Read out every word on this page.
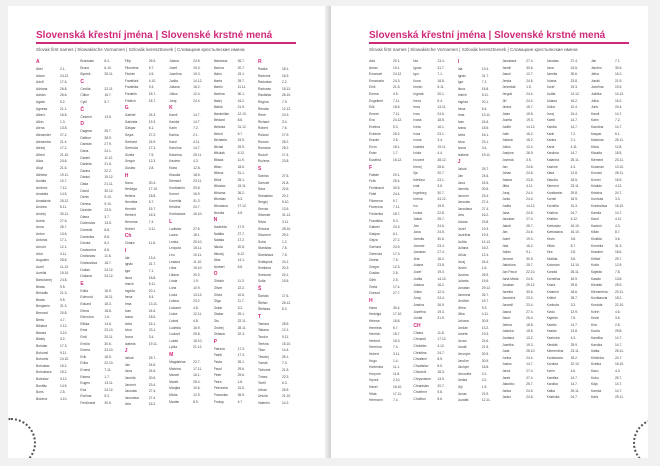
Slovenská křestní jména | Slovenské krstné mená
Slovak first names | Slowakische Vornamen | Szlovák keresztnevek | Словацкие крестьянские имена
A
Abel	2.1.
Adam	24.12.
Adolf	17.6.
Adriana	26.8.
Adrián	26.8.
Agáta	5.2.
Agnesa	21.1.
Albert	16.8.
Albín	1.3.
Alena	13.8.
Alexander	27.2.
Alexandra	21.4.
Alexej	17.2.
Alfréd	21.10.
Alica	24.6.
Alojz	21.6.
Alžbeta	19.11.
Amália	10.7.
Ambróz	7.12.
Anabela	14.5.
Anastázia	25.12.
Andrea	5.11.
Andrej	30.11.
Aneta	27.6.
Anna	26.7.
Anton	13.6.
Antónia	17.1.
Arnold	12.1.
Artúr	4.11.
Augustín	28.8.
Aurel	11.12.
Aurélia	15.10.
Bartolomej	24.8.
Beáta	9.5.
Beňadik	21.3.
Beata	9.5.
Benjamín	31.3.
Bernard	20.8.
Berta	4.7.
Bibiána	2.12.
Blanka	3.10.
Blažej	3.2.
Bohdan	17.3.
Bohumil	9.11.
Bohumír	24.10.
Bohuslav	15.2.
Bohuslava	15.2.
Boleslav	3.12.
Bonifác	14.5.
Boris	2.5.
Božena	4.10.
Bronislav	8.4.
Bruno	6.10.
Bystrík	25.11.
C
Cecília	22.11.
Ctibor	15.7.
Cyril	5.7.
Č
Čestmír	13.5.
D
Dagmar	25.7.
Dalibor	28.9.
Damián	27.9.
Dana	24.1.
Daniel	11.12.
Daniela	21.6.
Darina	22.2.
Dárius	19.12.
Dáša	21.11.
David	30.12.
Denis	9.10.
Denisa	9.10.
Dezider	23.5.
Diana	3.7.
Dobroslav	13.5.
Dominik	8.8.
Dominika	8.8.
Dorota	6.2.
Drahomíra	6.8.
Drahoslav	11.6.
Drahoslava	18.7.
Dušan	24.12.
Dušana	24.12.
E
Edita	16.9.
Edmund	16.11.
Eduard	18.3.
Elena	18.8.
Eleonóra	1.6.
Eliška	14.6.
Ema	23.10.
Emil	20.11.
Emília	30.6.
Emma	23.10.
Erik	18.5.
Erika	22.10.
Ernest	7.11.
Estera	1.7.
Eugen	13.11.
Eva	24.12.
Evelína	5.3.
Ferdinand	30.5.
Filip	26.5.
Filoména	5.7.
Florián	4.5.
František	4.10.
Františka	9.3.
Frederik	18.7.
Fridrich	18.7.
G
Gabriel	24.3.
Gabriela	19.3.
Gašpar	6.1.
Gejza	27.2.
Gerhard	24.9.
Gertrúda	17.3.
Gizela	7.5.
Gregor	12.3.
Gustáv	2.8.
H
Hana	30.4.
Hedviga	17.10.
Helena	18.8.
Henrieta	5.7.
Henrich	15.7.
Herbert	16.3.
Hermína	7.4.
Hubert	3.11.
Ch
Chiara	11.8.
I
Ida	13.4.
Ignác	31.7.
Igor	7.1.
Ilona	18.8.
Imrich	5.11.
Ingrida	20.1.
Irena	5.4.
Irma	13.11.
Ivan	24.6.
Ivana	18.5.
Iveta	16.1.
Ivica	23.1.
Ivona	3.4.
Izabela	19.11.
J
Jakub	25.7.
Ján	24.6.
Jana	24.5.
Jarmila	30.6.
Jaromír	23.4.
Jaroslav	27.4.
Jaroslava	27.4.
Jela	16.2.
Jolana	23.8.
Jozef	19.3.
Jozefína	19.3.
Judita	14.12.
Juliana	16.2.
Július	12.4.
Juraj	24.4.
K
Kamil	14.7.
Kamila	14.7.
Karin	7.2.
Karina	2.1.
Karol	4.11.
Karolína	14.7.
Katarína	25.11.
Kazimír	4.3.
Klára	12.8.
Klaudia	18.5.
Klement	23.11.
Konštantín	29.8.
Kornel	16.9.
Kornélia	31.3.
Kristína	24.7.
Kvetoslava	16.10.
L
Ladislav	27.6.
Laura	18.1.
Lenka	25.10.
Leopold	15.11.
Leo	10.11.
Lesana	11.10.
Libor	19.10.
Liliana	20.3.
Linda	1.9.
Lívia	10.9.
Lucia	13.12.
Ľubica	23.2.
Ľubomír	4.8.
Ľubor	12.11.
Ľuboš	4.8.
Ľudmila	16.9.
Ľudovít	25.8.
Lukáš	18.10.
Lýdia	21.12.
M
Magdaléna	22.7.
Malvína	17.11.
Marcel	16.1.
Marek	25.4.
Margita	10.6.
Mária	12.9.
Marián	8.9.
Marianna	26.7.
Marína	20.7.
Mário	19.1.
Marta	29.7.
Martin	11.11.
Martina	30.1.
Matej	24.2.
Matúš	21.9.
Maximilián	12.10.
Medard	8.6.
Melánia	31.12.
Metod	5.7.
Michaela	24.9.
Michal	29.9.
Mikuláš	6.12.
Milada	11.9.
Milan	18.6.
Milena	31.1.
Miloš	25.1.
Miloslav	19.11.
Miriama	26.2.
Miroslav	5.3.
Miroslava	17.12.
Monika	4.5.
N
Nadežda	17.9.
Natália	27.7.
Nataša	17.2.
Nikola	20.8.
Nikolaj	6.12.
Nina	14.1.
Norbert	6.6.
O
Oldrich	11.3.
Oliver	22.2.
Olívia	10.6.
Oľga	11.7.
Oskar	3.2.
Otakar	29.1.
Oto	22.11.
Ondrej	28.11.
Oktávia	22.3.
P
Patrícia	17.3.
Patrik	17.3.
Pavla	26.1.
Pavol	29.6.
Peter	29.6.
Petra	1.8.
Petronela	31.5.
Pravoslav	26.9.
Prokop	4.7.
R
Radka	18.1.
Radomír	16.3.
Radoslav	2.2.
Radovan	15.12.
Rastislav	28.10.
Regína	7.9.
Renáta	12.12.
René	10.3.
Richard	3.4.
Róbert	7.6.
Roland	17.9.
Roman	28.2.
Romana	28.2.
Rudolf	17.4.
Ružena	23.8.
S
Sabína	27.5.
Samuel	21.8.
Sára	22.6.
Sebastián	20.1.
Sergej	5.10.
Servác	13.5.
Silvester	31.12.
Silvia	3.11.
Simona	28.10.
Slavomír	29.2.
Soňa	1.2.
Stanislav	7.5.
Stanislava	7.5.
Svätopluk	24.1.
Svetlana	20.3.
Svetozár	24.1.
Sofia	15.5.
Š
Šarlota	17.6.
Štefan	26.12.
Štefánia	8.2.
T
Tamara	28.5.
Tatiana	12.1.
Teodor	9.11.
Terézia	15.10.
Tibor	14.4.
Timotej	26.1.
Tomáš	7.3.
Tichomír	21.5.
Tímea	22.3.
Teofil	6.3.
Urban	25.5.
Uršuľa	21.10.
Valentín	14.2.
Slovenská křestní jména | Slovenské krstné mená
Slovak first names | Slowakische Vornamen | Szlovák keresztnevek | Словацкие крестьянские имена
Ada	20.1.
Aman	19.1.
Emanuel	24.12.
Emanuela	24.3.
Emil	21.5.
Emma	4.5.
Engelbert	7.11.
Erik	18.5.
Ernest	7.11.
Eva	24.12.
Evelína	5.3.
Evženie	26.2.
Erazim	2.6.
Ervín	18.1.
Ester	1.7.
Eusébia	16.12.
F
Fabián	20.1.
Felix	25.4.
Ferdinand	30.5.
Fidel	24.4.
Filomena	5.7.
Florencia	7.11.
Frederika	18.7.
Františka	9.3.
Gabriel	24.3.
Gašpar	6.1.
Gejza	27.2.
Gerhard	24.9.
Gertrúda	17.3.
Gizela	7.5.
Gregor	12.3.
Gustáv	2.8.
Gleb	2.5.
Greta	17.4.
Gorazd	27.7.
H
Hana	30.4.
Hedviga	17.10.
Helena	18.8.
Henrieta	5.7.
Henrich	15.7.
Herbert	16.3.
Hermína	7.4.
Hubert	3.11.
Hugo	1.4.
Hortenzia	11.1.
Horymír	11.8.
Hynek	2.10.
Havel	16.10.
Hilda	17.11.
Hermann	7.4.
Ida	13.4.
Ignác	31.7.
Igor	7.1.
Ilona	18.8.
Imrich	5.11.
Ingrida	20.1.
Irena	5.4.
Irma	13.11.
Ivan	24.6.
Ivana	18.5.
Iveta	16.1.
Ivica	23.1.
Ivona	3.4.
Izabela	19.11.
Izidor	4.4.
Inocent	28.12.
Irenej	28.6.
Ilja	20.7.
Ildefonz	23.1.
Izák	3.6.
Ingeborg	30.7.
Irmina	24.12.
Ivo	19.5.
Izolda	22.8.
Jakub	25.7.
Ján	24.6.
Jana	24.5.
Jarmila	30.6.
Jaromír	23.4.
Jaroslav	27.4.
Jela	16.2.
Jolana	23.8.
Jozef	19.3.
Judita	14.12.
Juliana	16.2.
Július	12.4.
Juraj	24.4.
Justína	26.9.
Jozefína	19.3.
Jonáš	21.9.
CH
Chiara	11.8.
Chrudoš	17.12.
Christián	4.12.
Christina	24.7.
Chvalimír	8.5.
Chvalislav	8.5.
Chlodvík	18.3.
Chrysostom	13.9.
Chranislav	20.7.
Chotěmír	5.8.
Chotibor	5.6.
I
Ida	13.4.
Ignác	31.7.
Igor	7.1.
Ilona	18.8.
Imrich	5.11.
Ingrida	20.1.
Irena	5.4.
Irma	13.11.
Ivan	24.6.
Ivana	18.5.
Iveta	16.1.
Ivica	23.1.
Ivona	3.4.
Izabela	19.11.
J
Jakub	25.7.
Ján	24.6.
Jana	24.5.
Jarmila	30.6.
Jaromír	23.4.
Jaroslav	27.4.
Jaroslava	27.4.
Jela	16.2.
Jolana	23.8.
Jozef	19.3.
Jozefína	19.3.
Judita	14.12.
Juliana	16.2.
Július	12.4.
Juraj	24.4.
Justín	1.6.
Justína	26.9.
Jolanta	15.6.
Jonatán	29.12.
Jasmína	26.7.
Jindřich	15.7.
Jiřina	9.3.
Jitka	4.11.
Johana	30.5.
Jordán	13.2.
Josefa	19.3.
Jovan	24.6.
Jonáš	21.9.
Jeroným	30.9.
Jarolím	30.9.
Jáchym	16.8.
Jenovéfa	3.1.
Jesika	4.2.
Jiljí	1.9.
Jonas	21.9.
Jozafat	12.11.
Jaroslava	27.4.
Jarmil	30.6.
Jasoň	12.7.
Jenda	24.6.
Jeremiáš	1.5.
Jerguš	24.4.
Jiří	24.4.
Jindra	15.7.
Jolan	15.6.
Jozefa	19.3.
Judith	14.12.
Julie	16.2.
Juliána	16.2.
Július	12.4.
Justýna	26.9.
Juvenál	3.5.
Jan	24.6.
Johan	24.6.
Jolana	23.8.
Jitka	4.11.
Juraj	24.4.
Jurko	24.4.
Judita	14.12.
Jana	24.5.
Jaroslav	27.4.
Jakub	25.7.
Ján	24.6.
Jozef	19.3.
Jela	16.2.
Julián	9.1.
Jerome	30.9.
Jakubína	25.7.
Jan Pavol	22.10.
Jana Mária	24.5.
Jonatan	29.12.
Jarmila	30.6.
Jaromíra	23.4.
Jaromil	23.4.
Jasna	27.4.
Javor	26.4.
Jelena	18.8.
Jolanka	15.6.
Jordana	13.2.
Jozefka	19.3.
Juda	28.10.
Jurina	24.4.
Justus	14.7.
Jaroš	27.4.
Jarek	27.4.
Jakubko	25.7.
Janka	24.5.
Jankó	24.6.
Jaroslav	27.4.
Jana	24.5.
Jarmila	30.6.
Jolana	23.8.
Jozef	19.3.
Judita	14.12.
Juliana	16.2.
Július	12.4.
Juraj	24.4.
Kamil	14.7.
Kamila	14.7.
Karin	7.2.
Karina	2.1.
Karol	4.11.
Karolína	14.7.
Katarína	25.11.
Kazimír	4.3.
Klára	12.8.
Klaudia	18.5.
Klement	23.11.
Konštantín	29.8.
Kornel	16.9.
Kornélia	31.3.
Kristína	24.7.
Kristián	4.12.
Kvetoslav	16.10.
Kvetoslava	16.10.
Kevin	3.6.
Kilián	8.7.
Kira	2.8.
Klotilda	3.6.
Kolomán	13.10.
Konrád	26.11.
Kornélius	16.9.
Kosťa	29.8.
Krasimír	18.6.
Krištof	25.7.
Kunhuta	3.3.
Kvido	12.9.
Kajetán	7.8.
Kamilo	14.7.
Kasián	13.8.
Kazimíra	4.3.
Kleofáš	25.9.
Klementína	23.11.
Konštancia	18.2.
Kordula	22.10.
Kvirín	4.6.
Kamilka	14.7.
Karolka	14.7.
Katka	25.11.
Kristínka	24.7.
Ján	7.1.
Jarolím	30.9.
Jelka	16.2.
Jonáš	21.9.
Jozefína	19.3.
Juditka	14.12.
Julka	16.2.
Jurík	24.4.
Kamil	14.7.
Karin	7.2.
Karolína	14.7.
Kaspar	6.1.
Katarína	25.11.
Klára	12.8.
Klaudia	18.5.
Klement	23.11.
Kolomán	13.10.
Konrád	26.11.
Kornel	16.9.
Kristián	4.12.
Kristína	24.7.
Kunhuta	3.3.
Kvetoslava	16.10.
Kamila	14.7.
Karol	4.11.
Kazimír	4.3.
Kilián	8.7.
Klotilda	3.6.
Kornélia	31.3.
Krasimír	18.6.
Krištof	25.7.
Kvido	12.9.
Kajetán	7.8.
Kasián	13.8.
Kleofáš	25.9.
Klementína	23.11.
Konštancia	18.2.
Kordula	22.10.
Kvirín	4.6.
Kevin	3.6.
Kira	2.8.
Kosťa	29.8.
Kamilka	14.7.
Karolka	14.7.
Katka	25.11.
Kristínka	24.7.
Kvetka	16.10.
Kazo	4.3.
Kubo	25.7.
Kája	14.7.
Kamča	14.7.
Káťa	25.11.
